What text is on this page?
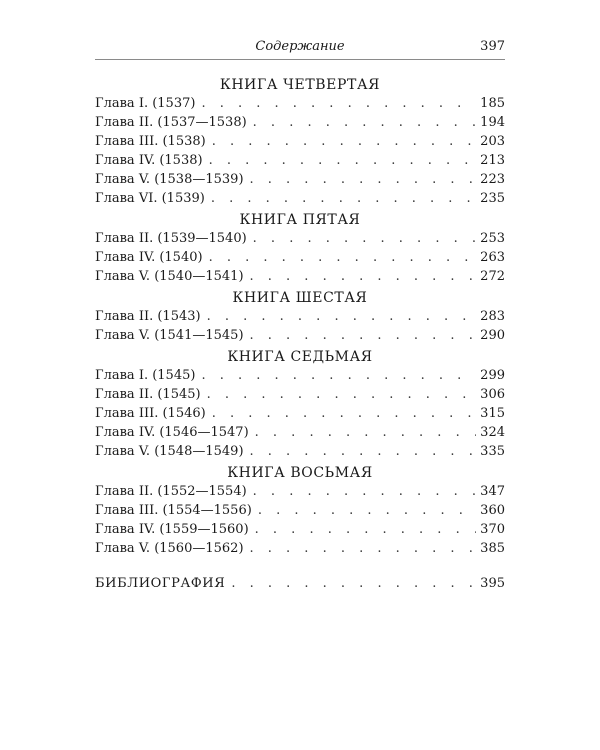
Содержание	397
КНИГА ЧЕТВЕРТАЯ
Глава I. (1537) . . .	185
Глава II. (1537—1538) . . .	194
Глава III. (1538) . . .	203
Глава IV. (1538) . . .	213
Глава V. (1538—1539) . . .	223
Глава VI. (1539) . . .	235
КНИГА ПЯТАЯ
Глава II. (1539—1540) . . .	253
Глава IV. (1540) . . .	263
Глава V. (1540—1541) . . .	272
КНИГА ШЕСТАЯ
Глава II. (1543) . . .	283
Глава V. (1541—1545) . . .	290
КНИГА СЕДЬМАЯ
Глава I. (1545) . . .	299
Глава II. (1545) . . .	306
Глава III. (1546) . . .	315
Глава IV. (1546—1547) . . .	324
Глава V. (1548—1549) . . .	335
КНИГА ВОСЬМАЯ
Глава II. (1552—1554) . . .	347
Глава III. (1554—1556) . . .	360
Глава IV. (1559—1560) . . .	370
Глава V. (1560—1562) . . .	385
БИБЛИОГРАФИЯ . . .	395
